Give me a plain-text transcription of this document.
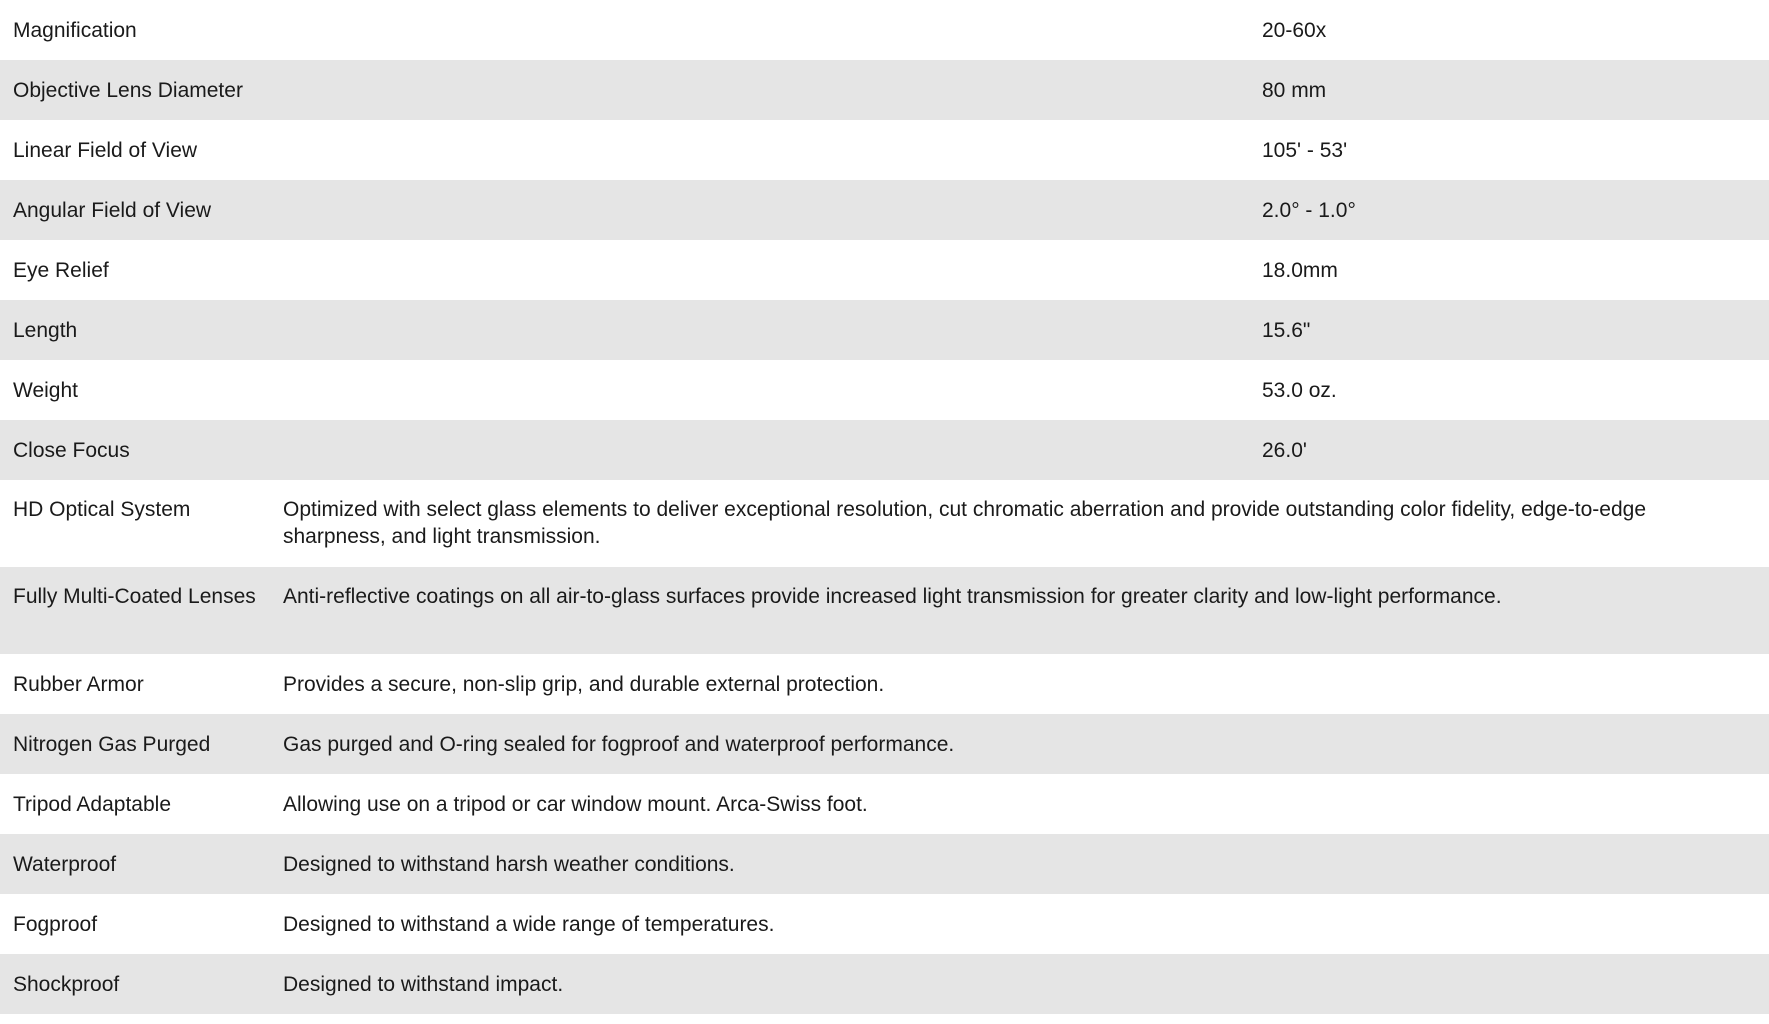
Magnification		20-60x
Objective Lens Diameter		80 mm
Linear Field of View		105' - 53'
Angular Field of View		2.0° - 1.0°
Eye Relief		18.0mm
Length		15.6"
Weight		53.0 oz.
Close Focus		26.0'
HD Optical System	Optimized with select glass elements to deliver exceptional resolution, cut chromatic aberration and provide outstanding color fidelity, edge-to-edge sharpness, and light transmission.	
Fully Multi-Coated Lenses	Anti-reflective coatings on all air-to-glass surfaces provide increased light transmission for greater clarity and low-light performance.	
Rubber Armor	Provides a secure, non-slip grip, and durable external protection.	
Nitrogen Gas Purged	Gas purged and O-ring sealed for fogproof and waterproof performance.	
Tripod Adaptable	Allowing use on a tripod or car window mount. Arca-Swiss foot.	
Waterproof	Designed to withstand harsh weather conditions.	
Fogproof	Designed to withstand a wide range of temperatures.	
Shockproof	Designed to withstand impact.	
